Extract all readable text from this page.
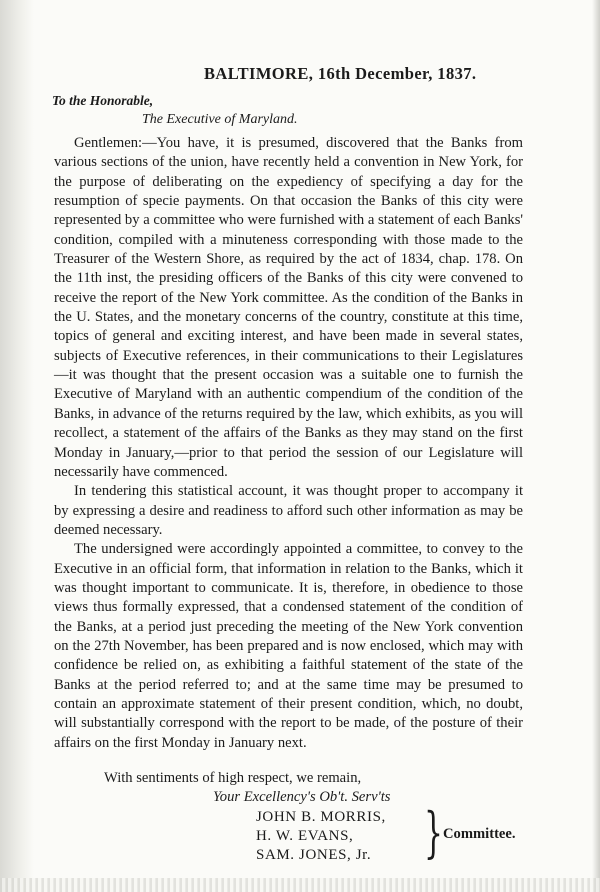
BALTIMORE, 16th December, 1837.
To the Honorable,
The Executive of Maryland.

Gentlemen:—You have, it is presumed, discovered that the Banks from various sections of the union, have recently held a convention in New York, for the purpose of deliberating on the expediency of specifying a day for the resumption of specie payments. On that occasion the Banks of this city were represented by a committee who were furnished with a statement of each Banks' condition, compiled with a minuteness corresponding with those made to the Treasurer of the Western Shore, as required by the act of 1834, chap. 178. On the 11th inst, the presiding officers of the Banks of this city were convened to receive the report of the New York committee. As the condition of the Banks in the U. States, and the monetary concerns of the country, constitute at this time, topics of general and exciting interest, and have been made in several states, subjects of Executive references, in their communications to their Legislatures—it was thought that the present occasion was a suitable one to furnish the Executive of Maryland with an authentic compendium of the condition of the Banks, in advance of the returns required by the law, which exhibits, as you will recollect, a statement of the affairs of the Banks as they may stand on the first Monday in January,—prior to that period the session of our Legislature will necessarily have commenced.

In tendering this statistical account, it was thought proper to accompany it by expressing a desire and readiness to afford such other information as may be deemed necessary.

The undersigned were accordingly appointed a committee, to convey to the Executive in an official form, that information in relation to the Banks, which it was thought important to communicate. It is, therefore, in obedience to those views thus formally expressed, that a condensed statement of the condition of the Banks, at a period just preceding the meeting of the New York convention on the 27th November, has been prepared and is now enclosed, which may with confidence be relied on, as exhibiting a faithful statement of the state of the Banks at the period referred to; and at the same time may be presumed to contain an approximate statement of their present condition, which, no doubt, will substantially correspond with the report to be made, of the posture of their affairs on the first Monday in January next.

With sentiments of high respect, we remain,
Your Excellency's Ob't. Serv'ts
JOHN B. MORRIS,
H. W. EVANS,
SAM. JONES, Jr. } Committee.
